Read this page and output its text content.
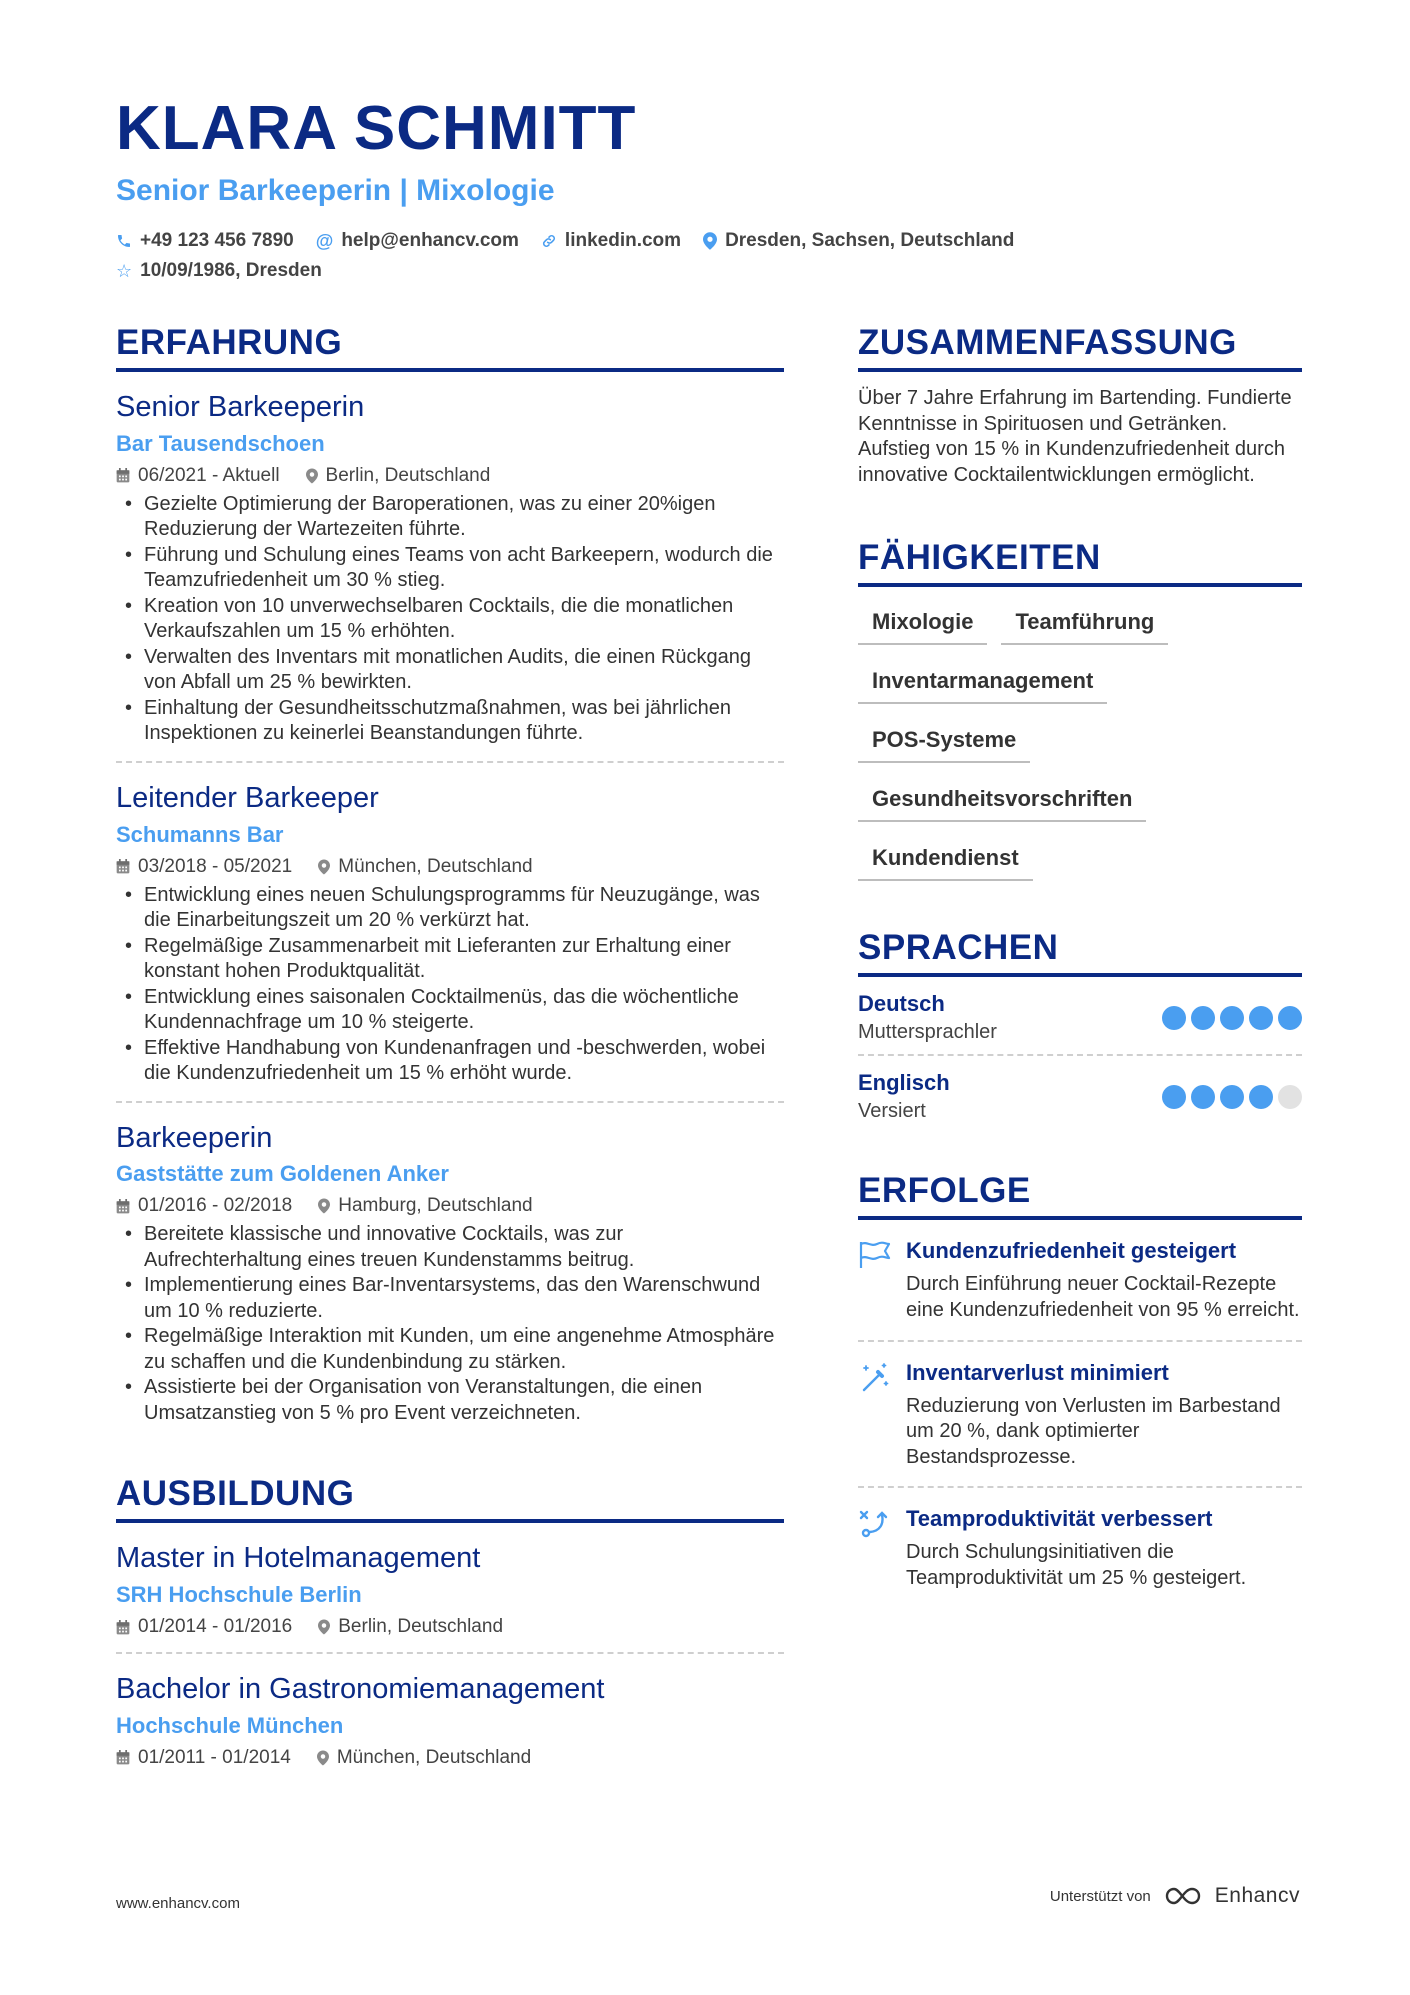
KLARA SCHMITT
Senior Barkeeperin | Mixologie
+49 123 456 7890 @ help@enhancv.com linkedin.com Dresden, Sachsen, Deutschland
☆ 10/09/1986, Dresden
ERFAHRUNG
Senior Barkeeperin
Bar Tausendschoen
06/2021 - Aktuell Berlin, Deutschland
• Gezielte Optimierung der Baroperationen, was zu einer 20%igen Reduzierung der Wartezeiten führte.
• Führung und Schulung eines Teams von acht Barkeepern, wodurch die Teamzufriedenheit um 30 % stieg.
• Kreation von 10 unverwechselbaren Cocktails, die die monatlichen Verkaufszahlen um 15 % erhöhten.
• Verwalten des Inventars mit monatlichen Audits, die einen Rückgang von Abfall um 25 % bewirkten.
• Einhaltung der Gesundheitsschutzmaßnahmen, was bei jährlichen Inspektionen zu keinerlei Beanstandungen führte.
Leitender Barkeeper
Schumanns Bar
03/2018 - 05/2021 München, Deutschland
• Entwicklung eines neuen Schulungsprogramms für Neuzugänge, was die Einarbeitungszeit um 20 % verkürzt hat.
• Regelmäßige Zusammenarbeit mit Lieferanten zur Erhaltung einer konstant hohen Produktqualität.
• Entwicklung eines saisonalen Cocktailmenüs, das die wöchentliche Kundennachfrage um 10 % steigerte.
• Effektive Handhabung von Kundenanfragen und -beschwerden, wobei die Kundenzufriedenheit um 15 % erhöht wurde.
Barkeeperin
Gaststätte zum Goldenen Anker
01/2016 - 02/2018 Hamburg, Deutschland
• Bereitete klassische und innovative Cocktails, was zur Aufrechterhaltung eines treuen Kundenstamms beitrug.
• Implementierung eines Bar-Inventarsystems, das den Warenschwund um 10 % reduzierte.
• Regelmäßige Interaktion mit Kunden, um eine angenehme Atmosphäre zu schaffen und die Kundenbindung zu stärken.
• Assistierte bei der Organisation von Veranstaltungen, die einen Umsatzanstieg von 5 % pro Event verzeichneten.
AUSBILDUNG
Master in Hotelmanagement
SRH Hochschule Berlin
01/2014 - 01/2016 Berlin, Deutschland
Bachelor in Gastronomiemanagement
Hochschule München
01/2011 - 01/2014 München, Deutschland
ZUSAMMENFASSUNG

Über 7 Jahre Erfahrung im Bartending. Fundierte Kenntnisse in Spirituosen und Getränken. Aufstieg von 15 % in Kundenzufriedenheit durch innovative Cocktailentwicklungen ermöglicht.

FÄHIGKEITEN
Mixologie	Teamführung
Inventarmanagement
POS-Systeme
Gesundheitsvorschriften
Kundendienst
SPRACHEN
Deutsch
Muttersprachler
Englisch
Versiert
ERFOLGE
Kundenzufriedenheit gesteigert
Durch Einführung neuer Cocktail-Rezepte eine Kundenzufriedenheit von 95 % erreicht.
Inventarverlust minimiert
Reduzierung von Verlusten im Barbestand um 20 %, dank optimierter Bestandsprozesse.
Teamproduktivität verbessert
Durch Schulungsinitiativen die Teamproduktivität um 25 % gesteigert.
www.enhancv.com	Unterstützt von	Enhancv
